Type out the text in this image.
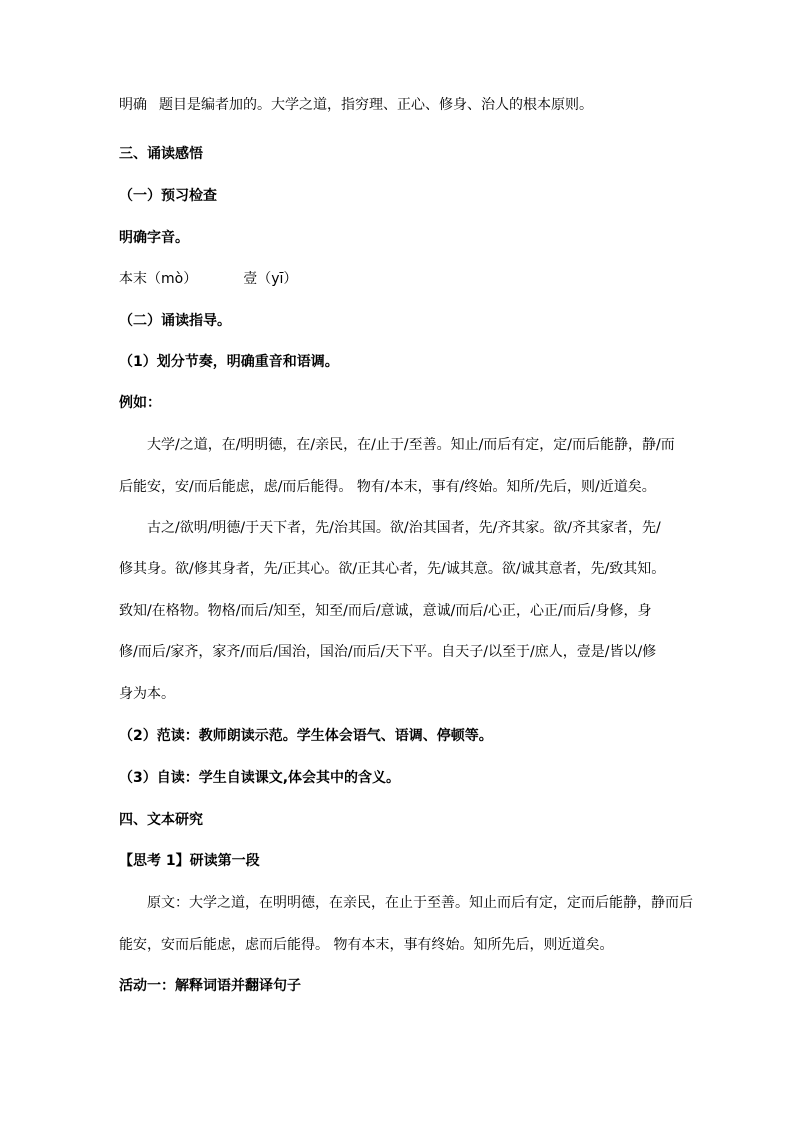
明确 题目是编者加的。大学之道，指穷理、正心、修身、治人的根本原则。

三、诵读感悟

（一）预习检查

明确字音。

本末（mò）	壹（yī）

（二）诵读指导。

（1）划分节奏，明确重音和语调。

例如：

大学/之道，在/明明德，在/亲民，在/止于/至善。知止/而后有定，定/而后能静，静/而

后能安，安/而后能虑，虑/而后能得。 物有/本末，事有/终始。知所/先后，则/近道矣。

古之/欲明/明德/于天下者，先/治其国。欲/治其国者，先/齐其家。欲/齐其家者，先/

修其身。欲/修其身者，先/正其心。欲/正其心者，先/诚其意。欲/诚其意者，先/致其知。

致知/在格物。物格/而后/知至，知至/而后/意诚，意诚/而后/心正，心正/而后/身修，身

修/而后/家齐，家齐/而后/国治，国治/而后/天下平。自天子/以至于/庶人，壹是/皆以/修

身为本。

（2）范读：教师朗读示范。学生体会语气、语调、停顿等。

（3）自读：学生自读课文,体会其中的含义。

四、文本研究

【思考 1】研读第一段

原文：大学之道，在明明德，在亲民，在止于至善。知止而后有定，定而后能静，静而后

能安，安而后能虑，虑而后能得。 物有本末，事有终始。知所先后，则近道矣。

活动一：解释词语并翻译句子
